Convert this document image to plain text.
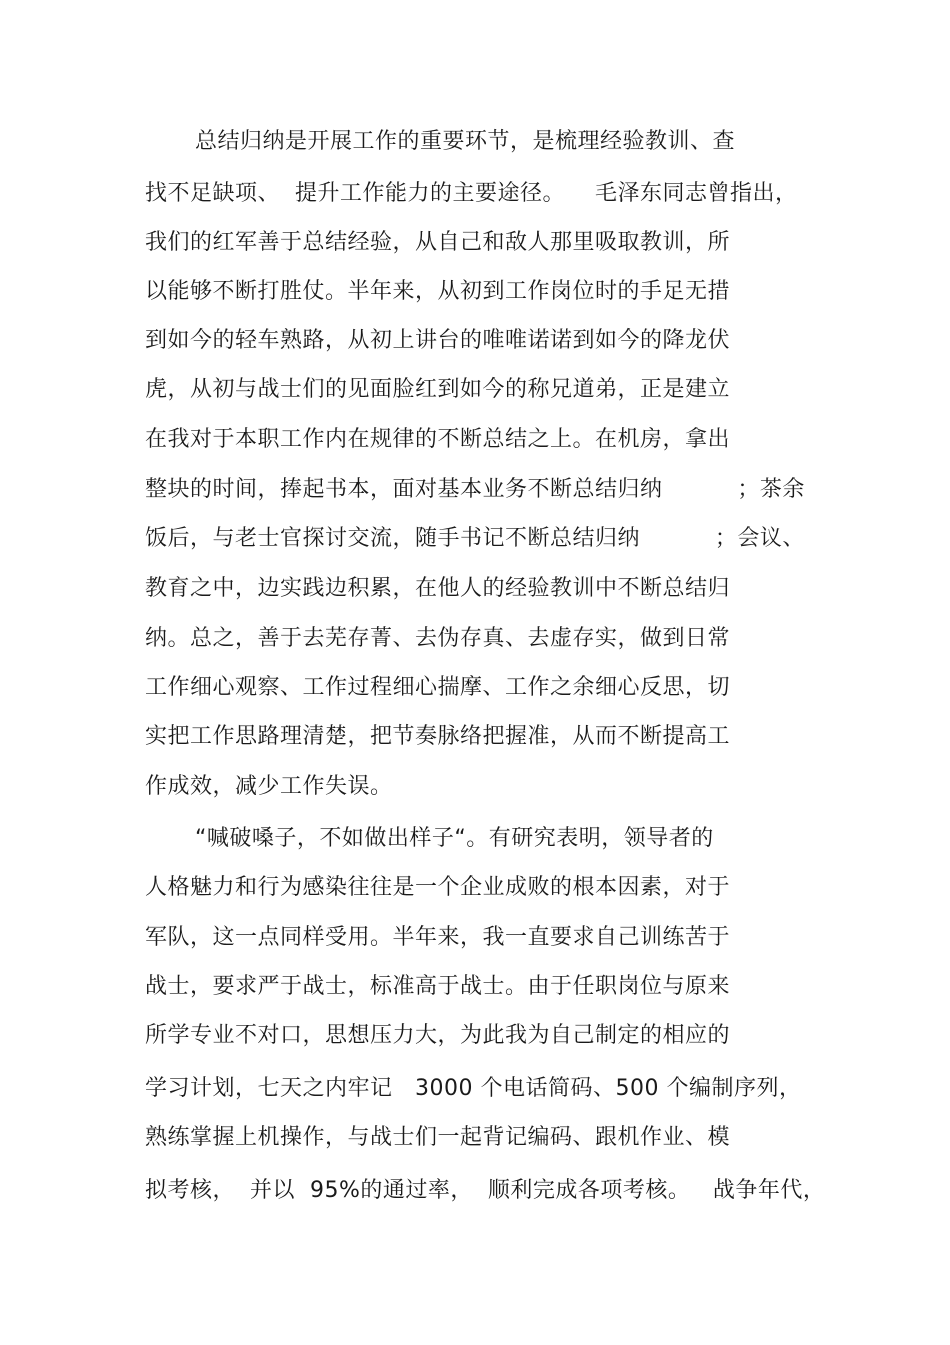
总结归纳是开展工作的重要环节，是梳理经验教训、查
找不足缺项、  提升工作能力的主要途径。    毛泽东同志曾指出，
我们的红军善于总结经验，从自己和敌人那里吸取教训，所
以能够不断打胜仗。半年来，从初到工作岗位时的手足无措
到如今的轻车熟路，从初上讲台的唯唯诺诺到如今的降龙伏
虎，从初与战士们的见面脸红到如今的称兄道弟，正是建立
在我对于本职工作内在规律的不断总结之上。在机房，拿出
整块的时间，捧起书本，面对基本业务不断总结归纳          ；茶余
饭后，与老士官探讨交流，随手书记不断总结归纳          ；会议、
教育之中，边实践边积累，在他人的经验教训中不断总结归
纳。总之，善于去芜存菁、去伪存真、去虚存实，做到日常
工作细心观察、工作过程细心揣摩、工作之余细心反思，切
实把工作思路理清楚，把节奏脉络把握准，从而不断提高工
作成效，减少工作失误。
“喊破嗓子，不如做出样子“。有研究表明，领导者的
人格魅力和行为感染往往是一个企业成败的根本因素，对于
军队，这一点同样受用。半年来，我一直要求自己训练苦于
战士，要求严于战士，标准高于战士。由于任职岗位与原来
所学专业不对口，思想压力大，为此我为自己制定的相应的
学习计划，七天之内牢记   3000 个电话简码、500 个编制序列，
熟练掌握上机操作，与战士们一起背记编码、跟机作业、模
拟考核，  并以  95%的通过率，  顺利完成各项考核。   战争年代，
